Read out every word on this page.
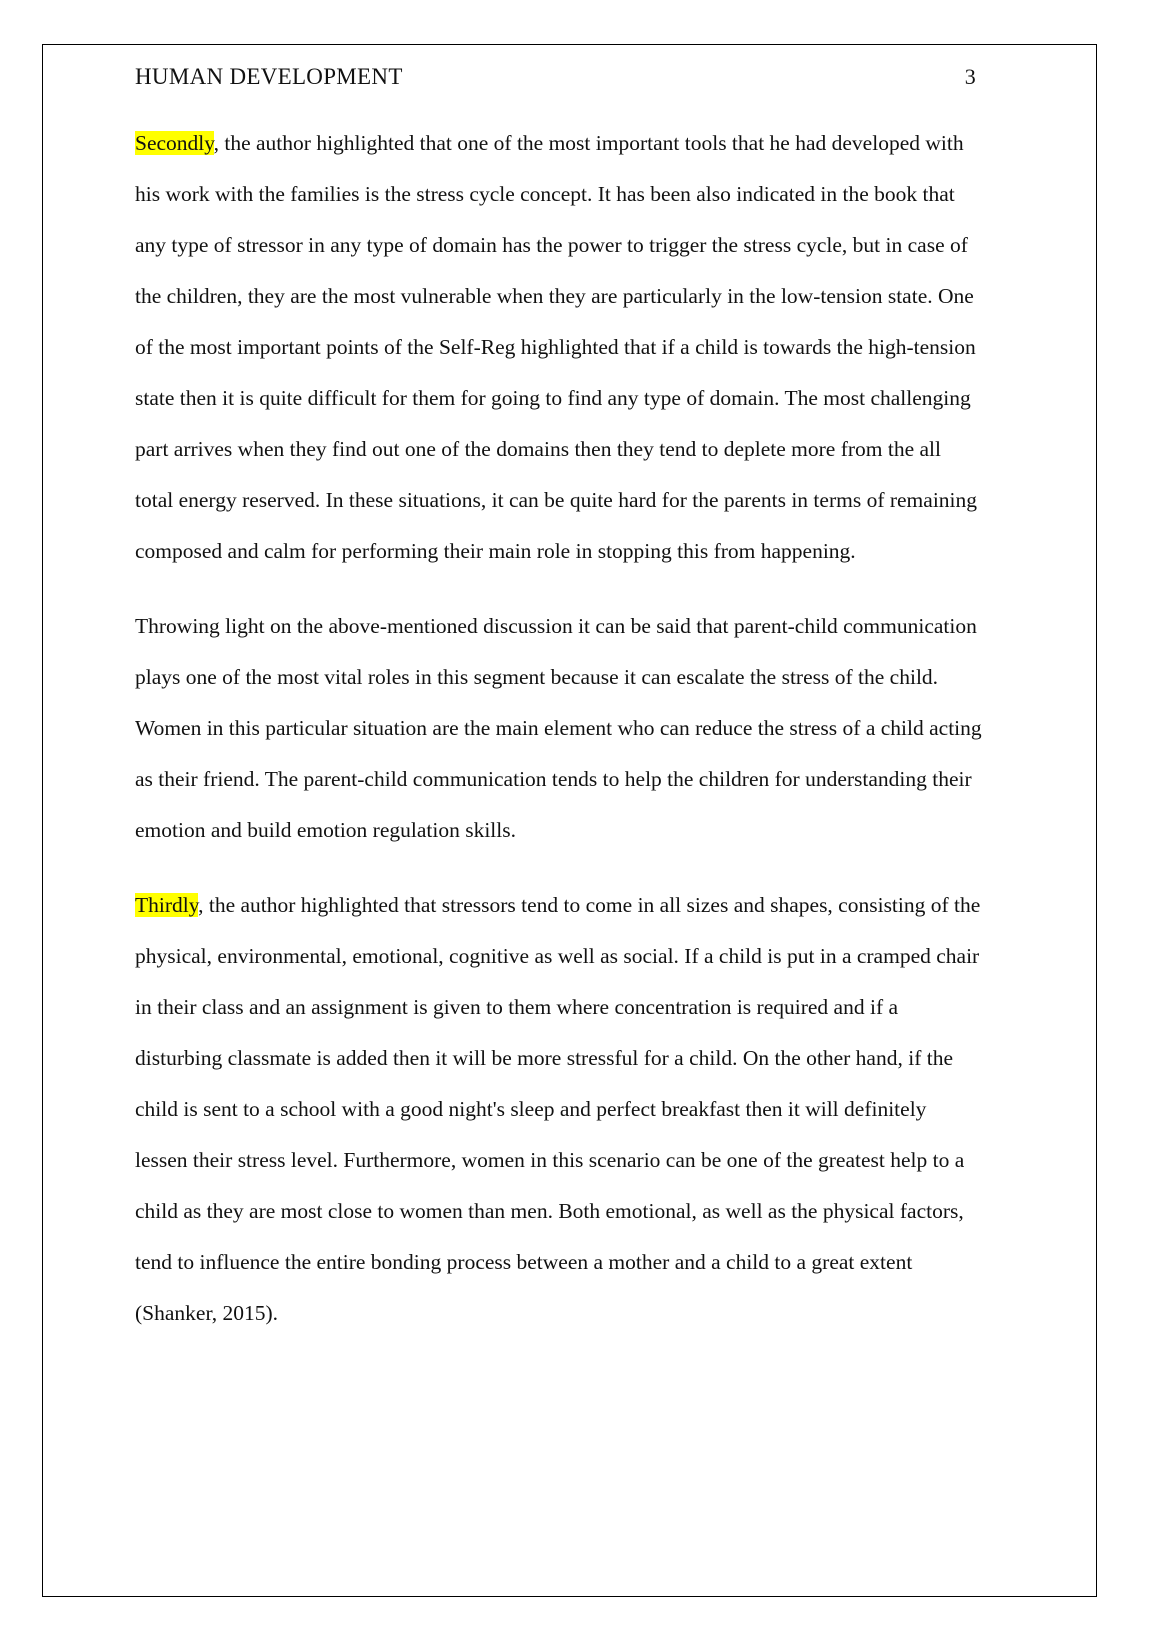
HUMAN DEVELOPMENT	3

Secondly, the author highlighted that one of the most important tools that he had developed with his work with the families is the stress cycle concept. It has been also indicated in the book that any type of stressor in any type of domain has the power to trigger the stress cycle, but in case of the children, they are the most vulnerable when they are particularly in the low-tension state. One of the most important points of the Self-Reg highlighted that if a child is towards the high-tension state then it is quite difficult for them for going to find any type of domain. The most challenging part arrives when they find out one of the domains then they tend to deplete more from the all total energy reserved. In these situations, it can be quite hard for the parents in terms of remaining composed and calm for performing their main role in stopping this from happening.

Throwing light on the above-mentioned discussion it can be said that parent-child communication plays one of the most vital roles in this segment because it can escalate the stress of the child. Women in this particular situation are the main element who can reduce the stress of a child acting as their friend. The parent-child communication tends to help the children for understanding their emotion and build emotion regulation skills.

Thirdly, the author highlighted that stressors tend to come in all sizes and shapes, consisting of the physical, environmental, emotional, cognitive as well as social. If a child is put in a cramped chair in their class and an assignment is given to them where concentration is required and if a disturbing classmate is added then it will be more stressful for a child. On the other hand, if the child is sent to a school with a good night's sleep and perfect breakfast then it will definitely lessen their stress level. Furthermore, women in this scenario can be one of the greatest help to a child as they are most close to women than men. Both emotional, as well as the physical factors, tend to influence the entire bonding process between a mother and a child to a great extent (Shanker, 2015).
